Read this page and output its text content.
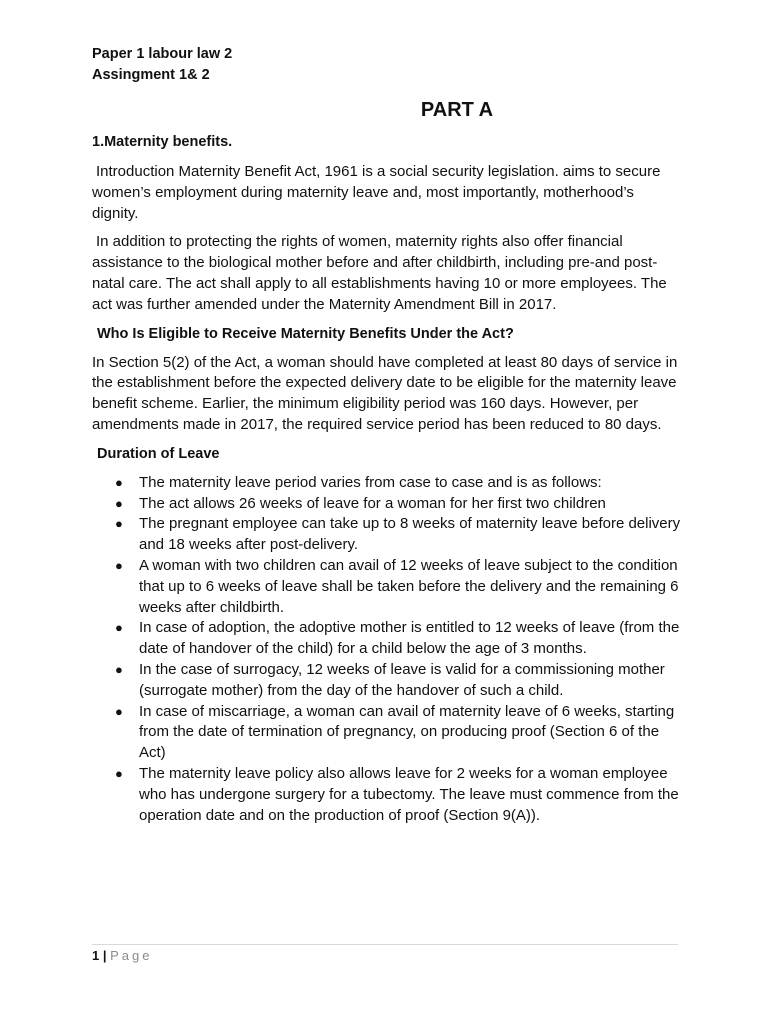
Paper 1 labour law 2
Assingment 1& 2
PART A
1.Maternity benefits.

Introduction Maternity Benefit Act, 1961 is a social security legislation. aims to secure women’s employment during maternity leave and, most importantly, motherhood’s dignity.

In addition to protecting the rights of women, maternity rights also offer financial assistance to the biological mother before and after childbirth, including pre-and post-natal care. The act shall apply to all establishments having 10 or more employees. The act was further amended under the Maternity Amendment Bill in 2017.

Who Is Eligible to Receive Maternity Benefits Under the Act?

In Section 5(2) of the Act, a woman should have completed at least 80 days of service in the establishment before the expected delivery date to be eligible for the maternity leave benefit scheme. Earlier, the minimum eligibility period was 160 days. However, per amendments made in 2017, the required service period has been reduced to 80 days.

Duration of Leave
● The maternity leave period varies from case to case and is as follows:
● The act allows 26 weeks of leave for a woman for her first two children
● The pregnant employee can take up to 8 weeks of maternity leave before delivery and 18 weeks after post-delivery.
● A woman with two children can avail of 12 weeks of leave subject to the condition that up to 6 weeks of leave shall be taken before the delivery and the remaining 6 weeks after childbirth.
● In case of adoption, the adoptive mother is entitled to 12 weeks of leave (from the date of handover of the child) for a child below the age of 3 months.
● In the case of surrogacy, 12 weeks of leave is valid for a commissioning mother (surrogate mother) from the day of the handover of such a child.
● In case of miscarriage, a woman can avail of maternity leave of 6 weeks, starting from the date of termination of pregnancy, on producing proof (Section 6 of the Act)
● The maternity leave policy also allows leave for 2 weeks for a woman employee who has undergone surgery for a tubectomy. The leave must commence from the operation date and on the production of proof (Section 9(A)).
1 | Page
